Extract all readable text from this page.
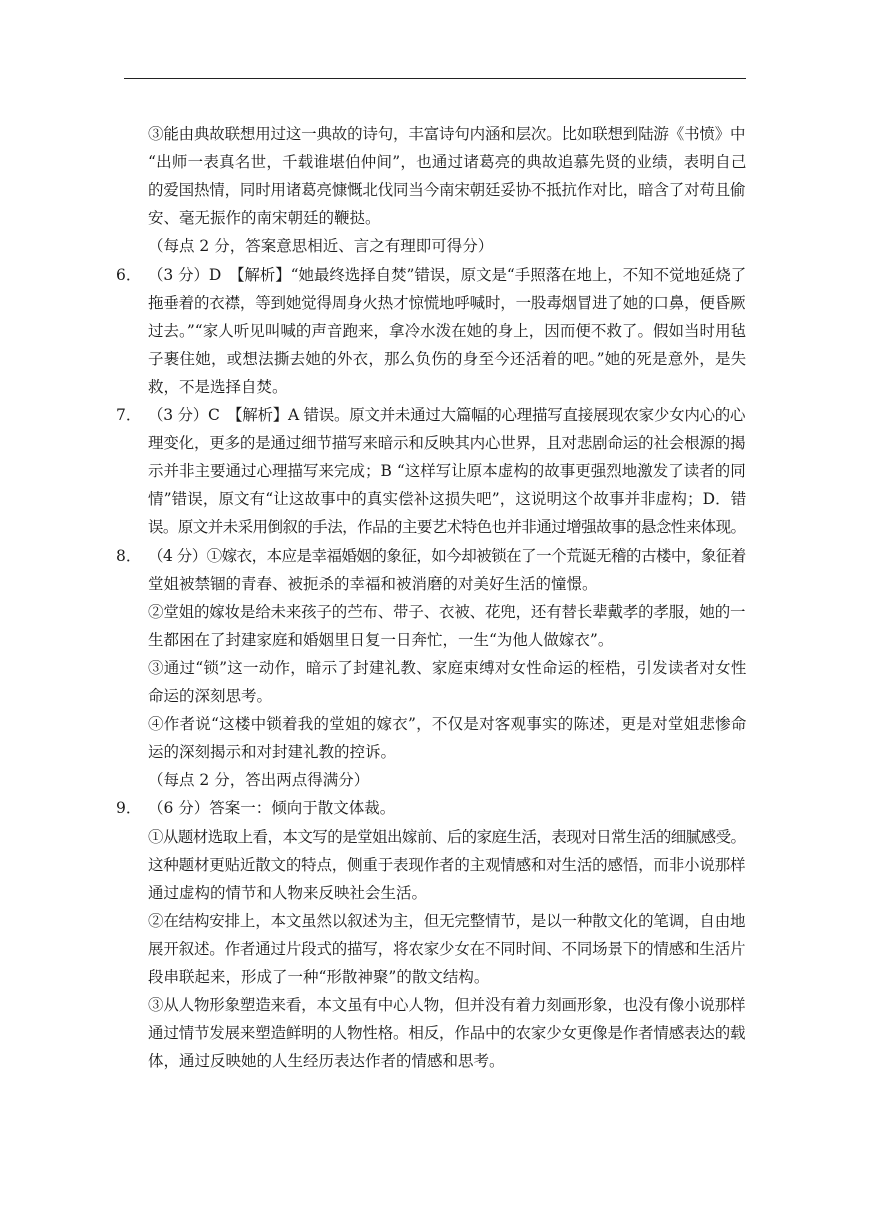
③能由典故联想用过这一典故的诗句，丰富诗句内涵和层次。比如联想到陆游《书愤》中
“出师一表真名世，千载谁堪伯仲间”，也通过诸葛亮的典故追慕先贤的业绩，表明自己
的爱国热情，同时用诸葛亮慷慨北伐同当今南宋朝廷妥协不抵抗作对比，暗含了对苟且偷
安、毫无振作的南宋朝廷的鞭挞。
（每点 2 分，答案意思相近、言之有理即可得分）
6． （3 分）D　【解析】“她最终选择自焚”错误，原文是“手照落在地上，不知不觉地延烧了
拖垂着的衣襟，等到她觉得周身火热才惊慌地呼喊时，一股毒烟冒进了她的口鼻，便昏厥
过去。”“家人听见叫喊的声音跑来，拿冷水泼在她的身上，因而便不救了。假如当时用毡
子裹住她，或想法撕去她的外衣，那么负伤的身至今还活着的吧。”她的死是意外，是失
救，不是选择自焚。
7． （3 分）C　【解析】A 错误。原文并未通过大篇幅的心理描写直接展现农家少女内心的心
理变化，更多的是通过细节描写来暗示和反映其内心世界，且对悲剧命运的社会根源的揭
示并非主要通过心理描写来完成；B “这样写让原本虚构的故事更强烈地激发了读者的同
情”错误，原文有“让这故事中的真实偿补这损失吧”，这说明这个故事并非虚构；D．错
误。原文并未采用倒叙的手法，作品的主要艺术特色也并非通过增强故事的悬念性来体现。
8． （4 分）①嫁衣，本应是幸福婚姻的象征，如今却被锁在了一个荒诞无稽的古楼中，象征着
堂姐被禁锢的青春、被扼杀的幸福和被消磨的对美好生活的憧憬。
②堂姐的嫁妆是给未来孩子的苎布、带子、衣被、花兜，还有替长辈戴孝的孝服，她的一
生都困在了封建家庭和婚姻里日复一日奔忙，一生“为他人做嫁衣”。
③通过“锁”这一动作，暗示了封建礼教、家庭束缚对女性命运的桎梏，引发读者对女性
命运的深刻思考。
④作者说“这楼中锁着我的堂姐的嫁衣”，不仅是对客观事实的陈述，更是对堂姐悲惨命
运的深刻揭示和对封建礼教的控诉。
（每点 2 分，答出两点得满分）
9． （6 分）答案一：倾向于散文体裁。
①从题材选取上看，本文写的是堂姐出嫁前、后的家庭生活，表现对日常生活的细腻感受。
这种题材更贴近散文的特点，侧重于表现作者的主观情感和对生活的感悟，而非小说那样
通过虚构的情节和人物来反映社会生活。
②在结构安排上，本文虽然以叙述为主，但无完整情节，是以一种散文化的笔调，自由地
展开叙述。作者通过片段式的描写，将农家少女在不同时间、不同场景下的情感和生活片
段串联起来，形成了一种“形散神聚”的散文结构。
③从人物形象塑造来看，本文虽有中心人物，但并没有着力刻画形象，也没有像小说那样
通过情节发展来塑造鲜明的人物性格。相反，作品中的农家少女更像是作者情感表达的载
体，通过反映她的人生经历表达作者的情感和思考。
